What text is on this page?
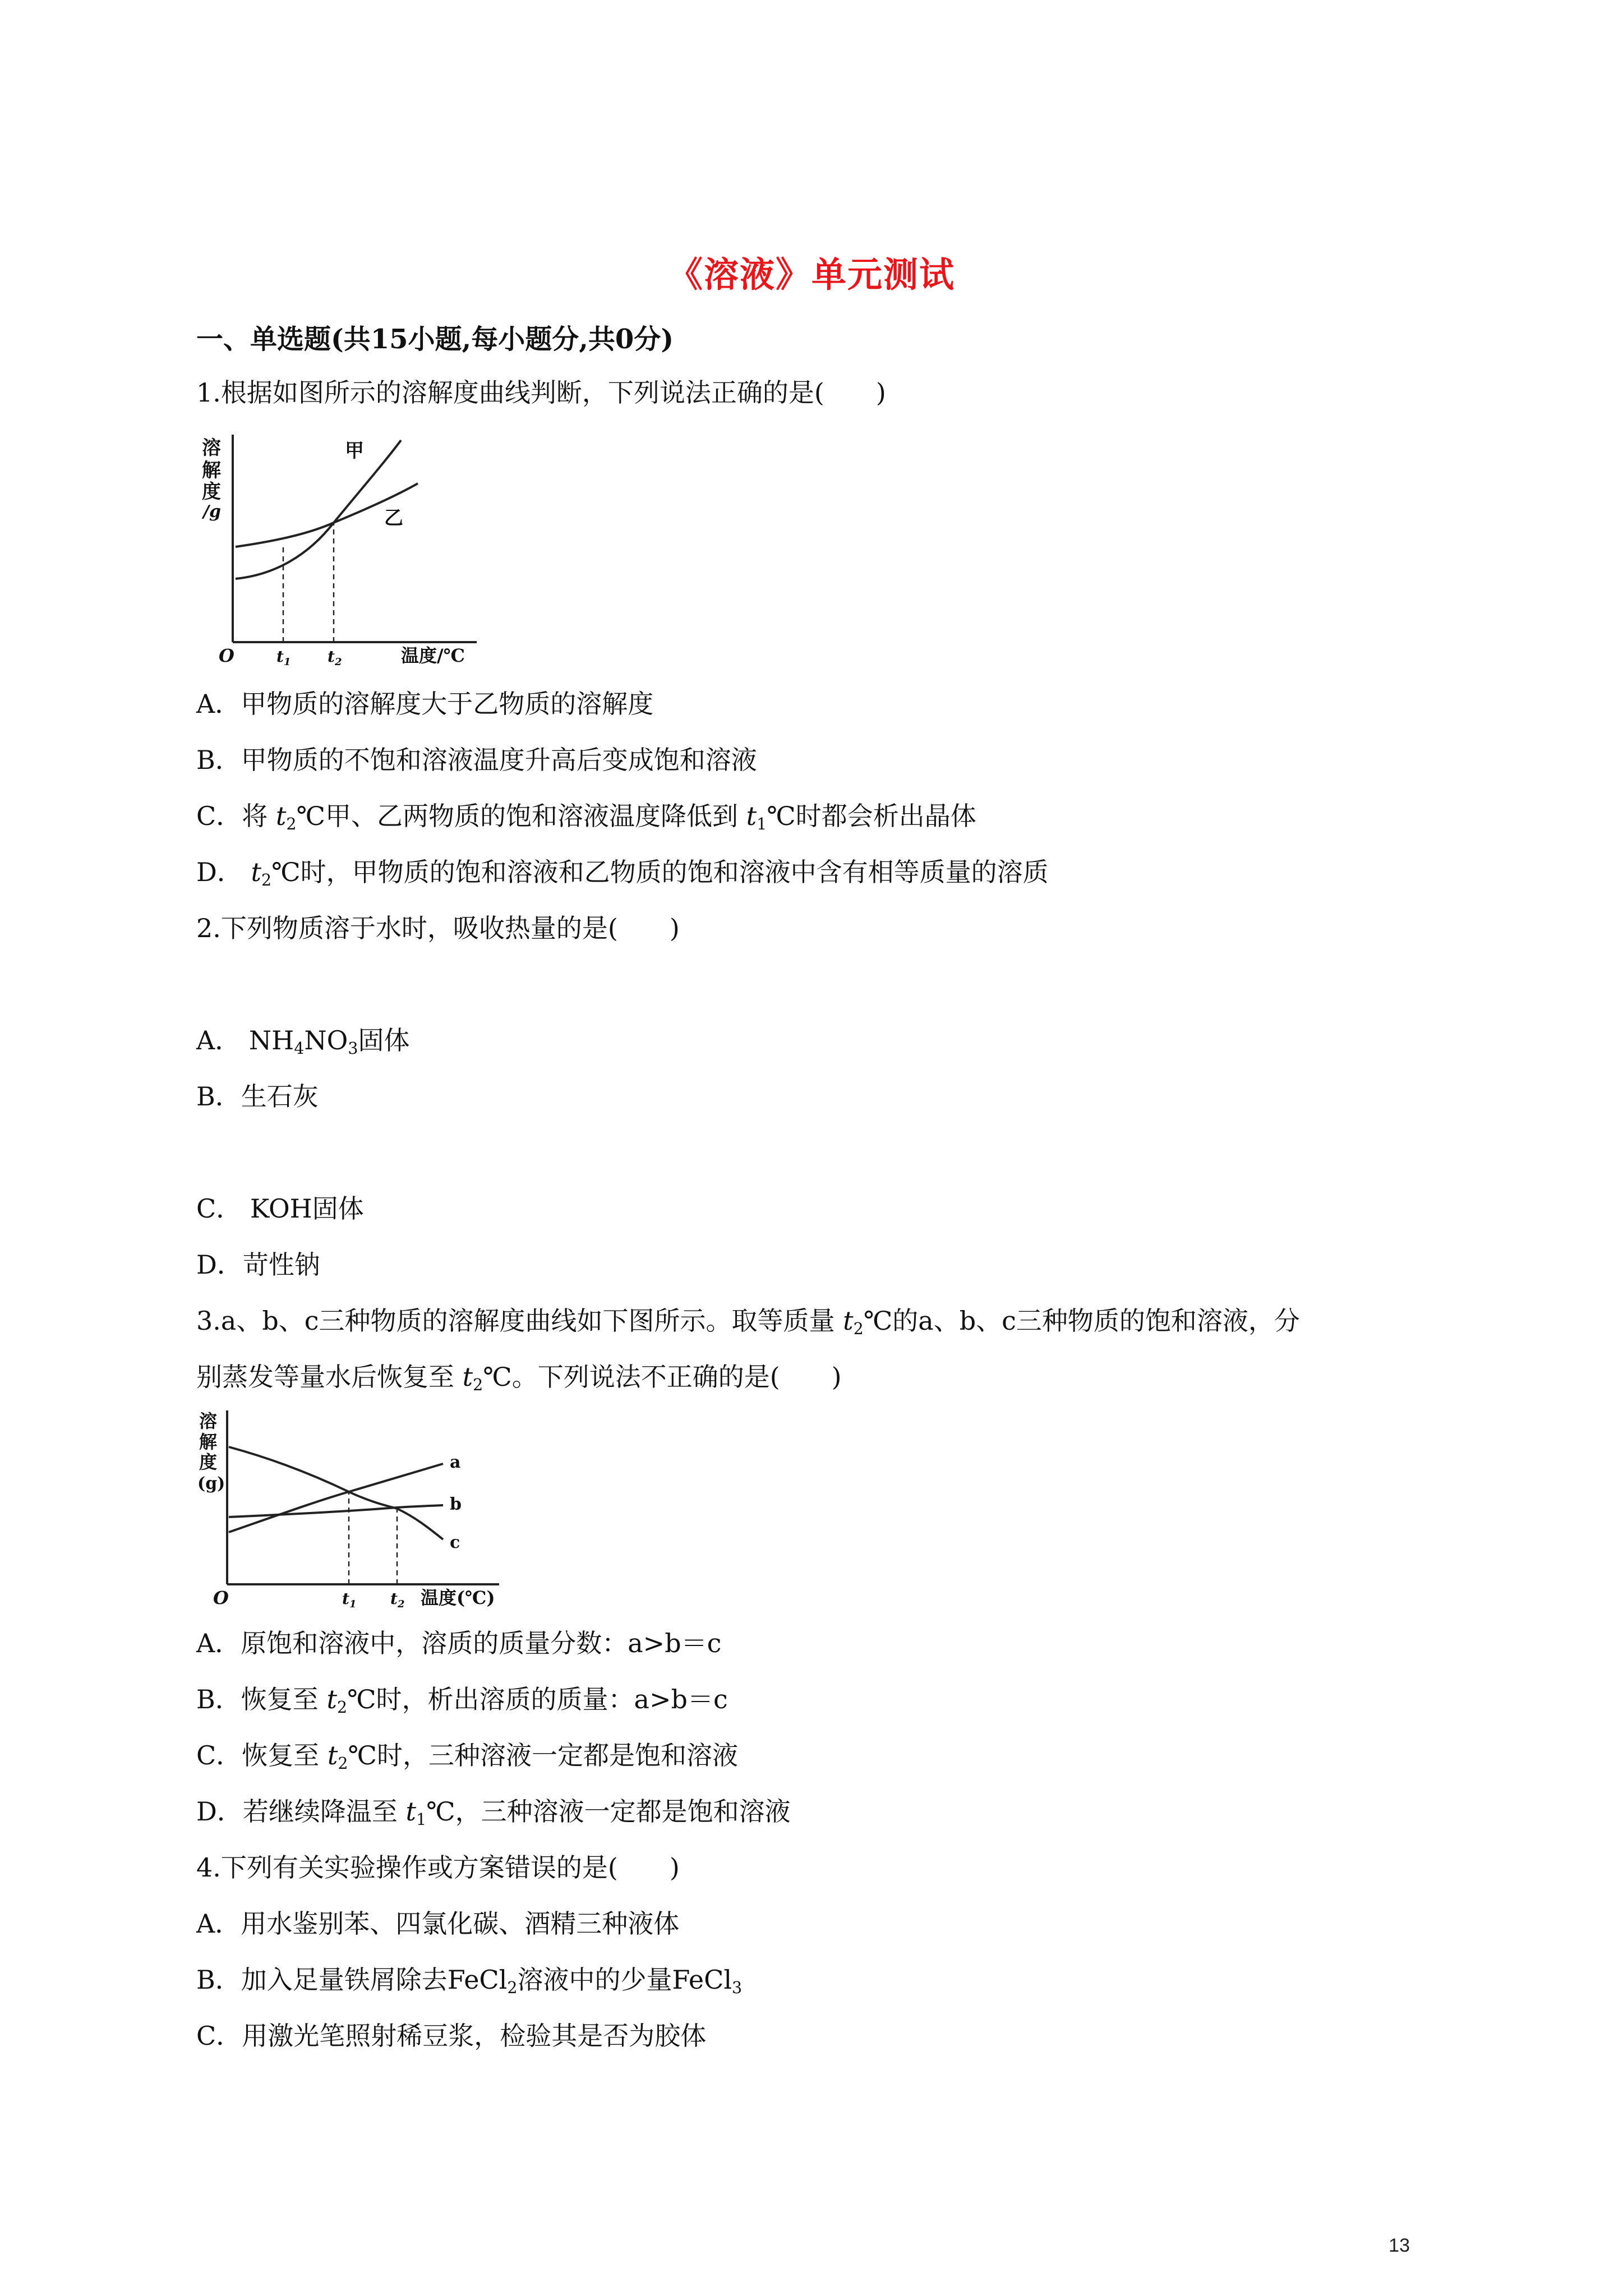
《溶液》单元测试
一、单选题(共15小题,每小题分,共0分)
1.根据如图所示的溶解度曲线判断，下列说法正确的是(　　)
溶
解
度
/g
甲
乙
O	$t_1$ $t_2$	温度/℃
A．甲物质的溶解度大于乙物质的溶解度
B．甲物质的不饱和溶液温度升高后变成饱和溶液
C．将 $t_2℃$甲、乙两物质的饱和溶液温度降低到 $t_1℃$时都会析出晶体
D． $t_2℃$时，甲物质的饱和溶液和乙物质的饱和溶液中含有相等质量的溶质
2.下列物质溶于水时，吸收热量的是(　　)
A． $NH_4NO_3$固体
B．生石灰
C． KOH固体
D．苛性钠
3.a、b、c三种物质的溶解度曲线如下图所示。取等质量 $t_2℃$的a、b、c三种物质的饱和溶液，分
别蒸发等量水后恢复至 $t_2℃$。下列说法不正确的是(　　)
溶
解
度
(g)
a
b
c
O	$t_1$ $t_2$ 温度(℃)
A．原饱和溶液中，溶质的质量分数：a>b＝c
B．恢复至 $t_2℃$时，析出溶质的质量：a>b＝c
C．恢复至 $t_2℃$时，三种溶液一定都是饱和溶液
D．若继续降温至 $t_1℃$，三种溶液一定都是饱和溶液
4.下列有关实验操作或方案错误的是(　　)
A．用水鉴别苯、四氯化碳、酒精三种液体
B．加入足量铁屑除去FeCl$_2$溶液中的少量FeCl$_3$
C．用激光笔照射稀豆浆，检验其是否为胶体
13
